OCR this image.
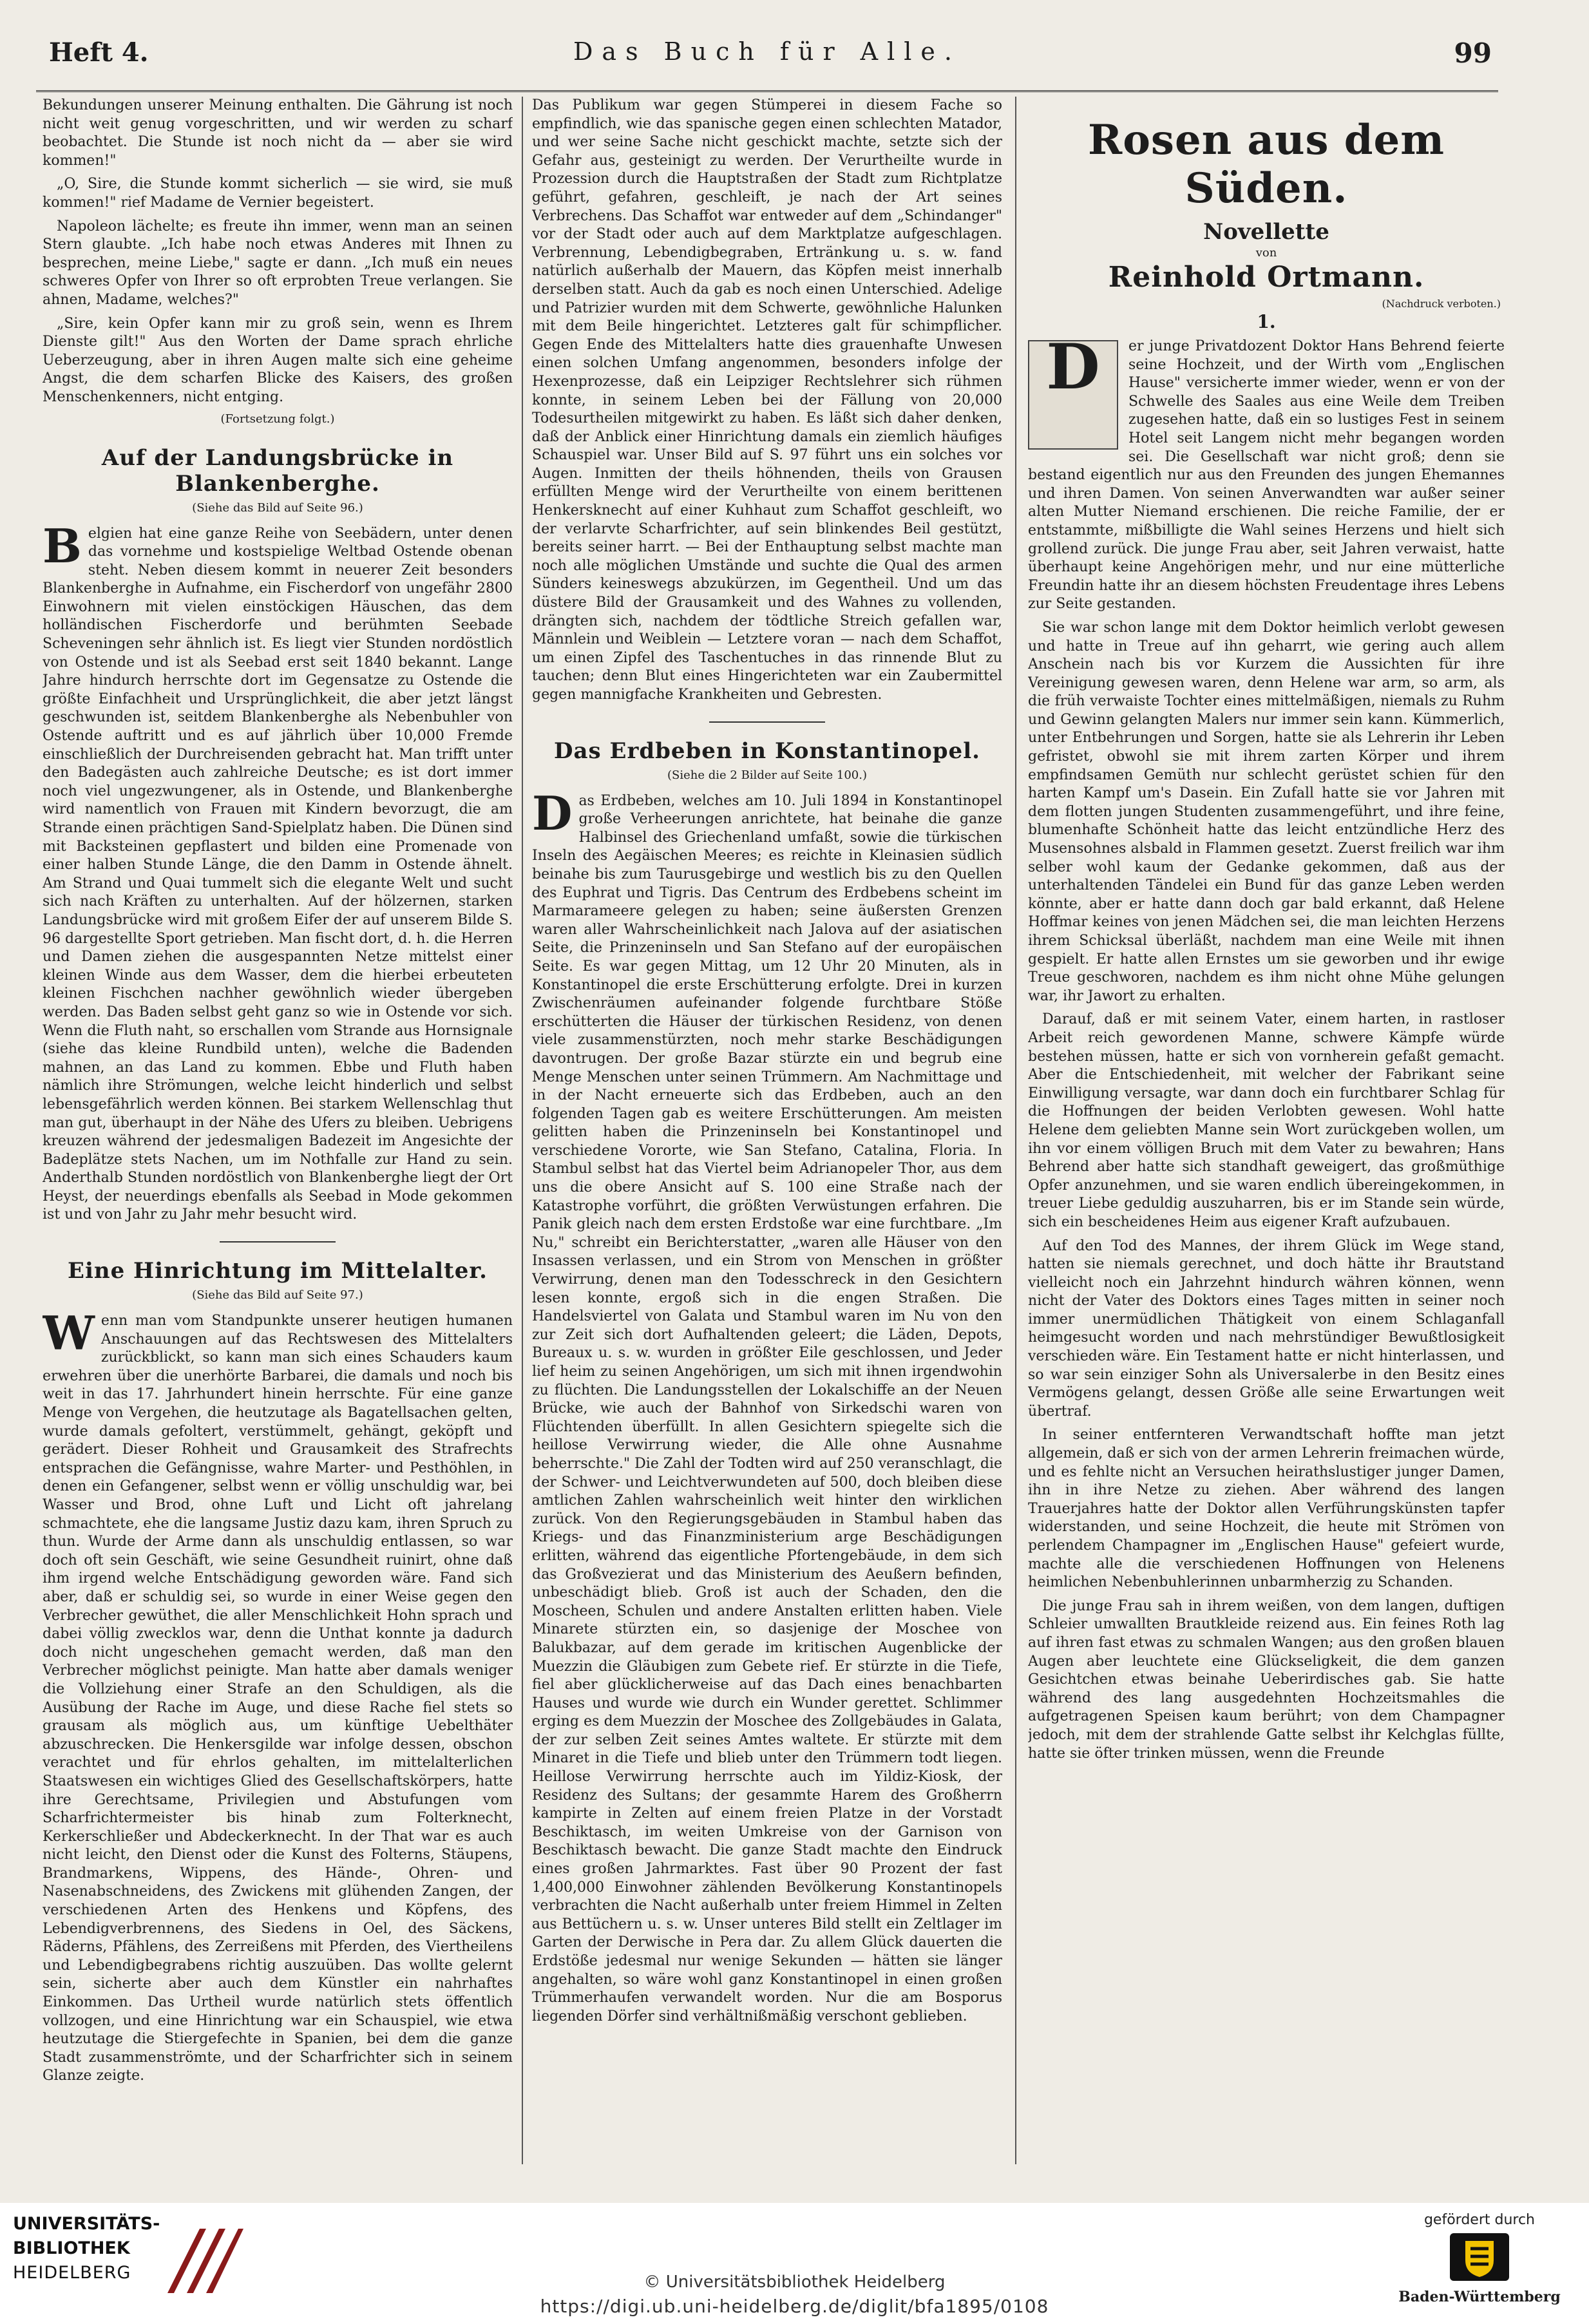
Heft 4.	Das Buch für Alle.	99

Bekundungen unserer Meinung enthalten. Die Gährung ist noch nicht weit genug vorgeschritten, und wir werden zu scharf beobachtet. Die Stunde ist noch nicht da — aber sie wird kommen!"

„O, Sire, die Stunde kommt sicherlich — sie wird, sie muß kommen!" rief Madame de Vernier begeistert.

Napoleon lächelte; es freute ihn immer, wenn man an seinen Stern glaubte. „Ich habe noch etwas Anderes mit Ihnen zu besprechen, meine Liebe," sagte er dann. „Ich muß ein neues schweres Opfer von Ihrer so oft erprobten Treue verlangen. Sie ahnen, Madame, welches?"

„Sire, kein Opfer kann mir zu groß sein, wenn es Ihrem Dienste gilt!" Aus den Worten der Dame sprach ehrliche Ueberzeugung, aber in ihren Augen malte sich eine geheime Angst, die dem scharfen Blicke des Kaisers, des großen Menschenkenners, nicht entging.

(Fortsetzung folgt.)
Auf der Landungsbrücke in Blankenberghe.
(Siehe das Bild auf Seite 96.)

Belgien hat eine ganze Reihe von Seebädern, unter denen das vornehme und kostspielige Weltbad Ostende obenan steht. Neben diesem kommt in neuerer Zeit besonders Blankenberghe in Aufnahme, ein Fischerdorf von ungefähr 2800 Einwohnern mit vielen einstöckigen Häuschen, das dem holländischen Fischerdorfe und berühmten Seebade Scheveningen sehr ähnlich ist. Es liegt vier Stunden nordöstlich von Ostende und ist als Seebad erst seit 1840 bekannt. Lange Jahre hindurch herrschte dort im Gegensatze zu Ostende die größte Einfachheit und Ursprünglichkeit, die aber jetzt längst geschwunden ist, seitdem Blankenberghe als Nebenbuhler von Ostende auftritt und es auf jährlich über 10,000 Fremde einschließlich der Durchreisenden gebracht hat. Man trifft unter den Badegästen auch zahlreiche Deutsche; es ist dort immer noch viel ungezwungener, als in Ostende, und Blankenberghe wird namentlich von Frauen mit Kindern bevorzugt, die am Strande einen prächtigen Sand-Spielplatz haben. Die Dünen sind mit Backsteinen gepflastert und bilden eine Promenade von einer halben Stunde Länge, die den Damm in Ostende ähnelt. Am Strand und Quai tummelt sich die elegante Welt und sucht sich nach Kräften zu unterhalten. Auf der hölzernen, starken Landungsbrücke wird mit großem Eifer der auf unserem Bilde S. 96 dargestellte Sport getrieben. Man fischt dort, d. h. die Herren und Damen ziehen die ausgespannten Netze mittelst einer kleinen Winde aus dem Wasser, dem die hierbei erbeuteten kleinen Fischchen nachher gewöhnlich wieder übergeben werden. Das Baden selbst geht ganz so wie in Ostende vor sich. Wenn die Fluth naht, so erschallen vom Strande aus Hornsignale (siehe das kleine Rundbild unten), welche die Badenden mahnen, an das Land zu kommen. Ebbe und Fluth haben nämlich ihre Strömungen, welche leicht hinderlich und selbst lebensgefährlich werden können. Bei starkem Wellenschlag thut man gut, überhaupt in der Nähe des Ufers zu bleiben. Uebrigens kreuzen während der jedesmaligen Badezeit im Angesichte der Badeplätze stets Nachen, um im Nothfalle zur Hand zu sein. Anderthalb Stunden nordöstlich von Blankenberghe liegt der Ort Heyst, der neuerdings ebenfalls als Seebad in Mode gekommen ist und von Jahr zu Jahr mehr besucht wird.

Eine Hinrichtung im Mittelalter.
(Siehe das Bild auf Seite 97.)

Wenn man vom Standpunkte unserer heutigen humanen Anschauungen auf das Rechtswesen des Mittelalters zurückblickt, so kann man sich eines Schauders kaum erwehren über die unerhörte Barbarei, die damals und noch bis weit in das 17. Jahrhundert hinein herrschte. Für eine ganze Menge von Vergehen, die heutzutage als Bagatellsachen gelten, wurde damals gefoltert, verstümmelt, gehängt, geköpft und gerädert. Dieser Rohheit und Grausamkeit des Strafrechts entsprachen die Gefängnisse, wahre Marter- und Pesthöhlen, in denen ein Gefangener, selbst wenn er völlig unschuldig war, bei Wasser und Brod, ohne Luft und Licht oft jahrelang schmachtete, ehe die langsame Justiz dazu kam, ihren Spruch zu thun. Wurde der Arme dann als unschuldig entlassen, so war doch oft sein Geschäft, wie seine Gesundheit ruinirt, ohne daß ihm irgend welche Entschädigung geworden wäre. Fand sich aber, daß er schuldig sei, so wurde in einer Weise gegen den Verbrecher gewüthet, die aller Menschlichkeit Hohn sprach und dabei völlig zwecklos war, denn die Unthat konnte ja dadurch doch nicht ungeschehen gemacht werden, daß man den Verbrecher möglichst peinigte. Man hatte aber damals weniger die Vollziehung einer Strafe an den Schuldigen, als die Ausübung der Rache im Auge, und diese Rache fiel stets so grausam als möglich aus, um künftige Uebelthäter abzuschrecken. Die Henkersgilde war infolge dessen, obschon verachtet und für ehrlos gehalten, im mittelalterlichen Staatswesen ein wichtiges Glied des Gesellschaftskörpers, hatte ihre Gerechtsame, Privilegien und Abstufungen vom Scharfrichtermeister bis hinab zum Folterknecht, Kerkerschließer und Abdeckerknecht. In der That war es auch nicht leicht, den Dienst oder die Kunst des Folterns, Stäupens, Brandmarkens, Wippens, des Hände-, Ohren- und Nasenabschneidens, des Zwickens mit glühenden Zangen, der verschiedenen Arten des Henkens und Köpfens, des Lebendigverbrennens, des Siedens in Oel, des Säckens, Räderns, Pfählens, des Zerreißens mit Pferden, des Viertheilens und Lebendigbegrabens richtig auszuüben. Das wollte gelernt sein, sicherte aber auch dem Künstler ein nahrhaftes Einkommen. Das Urtheil wurde natürlich stets öffentlich vollzogen, und eine Hinrichtung war ein Schauspiel, wie etwa heutzutage die Stiergefechte in Spanien, bei dem die ganze Stadt zusammenströmte, und der Scharfrichter sich in seinem Glanze zeigte.

Das Publikum war gegen Stümperei in diesem Fache so empfindlich, wie das spanische gegen einen schlechten Matador, und wer seine Sache nicht geschickt machte, setzte sich der Gefahr aus, gesteinigt zu werden. Der Verurtheilte wurde in Prozession durch die Hauptstraßen der Stadt zum Richtplatze geführt, gefahren, geschleift, je nach der Art seines Verbrechens. Das Schaffot war entweder auf dem „Schindanger" vor der Stadt oder auch auf dem Marktplatze aufgeschlagen. Verbrennung, Lebendigbegraben, Ertränkung u. s. w. fand natürlich außerhalb der Mauern, das Köpfen meist innerhalb derselben statt. Auch da gab es noch einen Unterschied. Adelige und Patrizier wurden mit dem Schwerte, gewöhnliche Halunken mit dem Beile hingerichtet. Letzteres galt für schimpflicher. Gegen Ende des Mittelalters hatte dies grauenhafte Unwesen einen solchen Umfang angenommen, besonders infolge der Hexenprozesse, daß ein Leipziger Rechtslehrer sich rühmen konnte, in seinem Leben bei der Fällung von 20,000 Todesurtheilen mitgewirkt zu haben. Es läßt sich daher denken, daß der Anblick einer Hinrichtung damals ein ziemlich häufiges Schauspiel war. Unser Bild auf S. 97 führt uns ein solches vor Augen. Inmitten der theils höhnenden, theils von Grausen erfüllten Menge wird der Verurtheilte von einem berittenen Henkersknecht auf einer Kuhhaut zum Schaffot geschleift, wo der verlarvte Scharfrichter, auf sein blinkendes Beil gestützt, bereits seiner harrt. — Bei der Enthauptung selbst machte man noch alle möglichen Umstände und suchte die Qual des armen Sünders keineswegs abzukürzen, im Gegentheil. Und um das düstere Bild der Grausamkeit und des Wahnes zu vollenden, drängten sich, nachdem der tödtliche Streich gefallen war, Männlein und Weiblein — Letztere voran — nach dem Schaffot, um einen Zipfel des Taschentuches in das rinnende Blut zu tauchen; denn Blut eines Hingerichteten war ein Zaubermittel gegen mannigfache Krankheiten und Gebresten.

Das Erdbeben in Konstantinopel.
(Siehe die 2 Bilder auf Seite 100.)

Das Erdbeben, welches am 10. Juli 1894 in Konstantinopel große Verheerungen anrichtete, hat beinahe die ganze Halbinsel des Griechenland umfaßt, sowie die türkischen Inseln des Aegäischen Meeres; es reichte in Kleinasien südlich beinahe bis zum Taurusgebirge und westlich bis zu den Quellen des Euphrat und Tigris. Das Centrum des Erdbebens scheint im Marmarameere gelegen zu haben; seine äußersten Grenzen waren aller Wahrscheinlichkeit nach Jalova auf der asiatischen Seite, die Prinzeninseln und San Stefano auf der europäischen Seite. Es war gegen Mittag, um 12 Uhr 20 Minuten, als in Konstantinopel die erste Erschütterung erfolgte. Drei in kurzen Zwischenräumen aufeinander folgende furchtbare Stöße erschütterten die Häuser der türkischen Residenz, von denen viele zusammenstürzten, noch mehr starke Beschädigungen davontrugen. Der große Bazar stürzte ein und begrub eine Menge Menschen unter seinen Trümmern. Am Nachmittage und in der Nacht erneuerte sich das Erdbeben, auch an den folgenden Tagen gab es weitere Erschütterungen. Am meisten gelitten haben die Prinzeninseln bei Konstantinopel und verschiedene Vororte, wie San Stefano, Catalina, Floria. In Stambul selbst hat das Viertel beim Adrianopeler Thor, aus dem uns die obere Ansicht auf S. 100 eine Straße nach der Katastrophe vorführt, die größten Verwüstungen erfahren. Die Panik gleich nach dem ersten Erdstoße war eine furchtbare. „Im Nu," schreibt ein Berichterstatter, „waren alle Häuser von den Insassen verlassen, und ein Strom von Menschen in größter Verwirrung, denen man den Todesschreck in den Gesichtern lesen konnte, ergoß sich in die engen Straßen. Die Handelsviertel von Galata und Stambul waren im Nu von den zur Zeit sich dort Aufhaltenden geleert; die Läden, Depots, Bureaux u. s. w. wurden in größter Eile geschlossen, und Jeder lief heim zu seinen Angehörigen, um sich mit ihnen irgendwohin zu flüchten. Die Landungsstellen der Lokalschiffe an der Neuen Brücke, wie auch der Bahnhof von Sirkedschi waren von Flüchtenden überfüllt. In allen Gesichtern spiegelte sich die heillose Verwirrung wieder, die Alle ohne Ausnahme beherrschte." Die Zahl der Todten wird auf 250 veranschlagt, die der Schwer- und Leichtverwundeten auf 500, doch bleiben diese amtlichen Zahlen wahrscheinlich weit hinter den wirklichen zurück. Von den Regierungsgebäuden in Stambul haben das Kriegs- und das Finanzministerium arge Beschädigungen erlitten, während das eigentliche Pfortengebäude, in dem sich das Großvezierat und das Ministerium des Aeußern befinden, unbeschädigt blieb. Groß ist auch der Schaden, den die Moscheen, Schulen und andere Anstalten erlitten haben. Viele Minarete stürzten ein, so dasjenige der Moschee von Balukbazar, auf dem gerade im kritischen Augenblicke der Muezzin die Gläubigen zum Gebete rief. Er stürzte in die Tiefe, fiel aber glücklicherweise auf das Dach eines benachbarten Hauses und wurde wie durch ein Wunder gerettet. Schlimmer erging es dem Muezzin der Moschee des Zollgebäudes in Galata, der zur selben Zeit seines Amtes waltete. Er stürzte mit dem Minaret in die Tiefe und blieb unter den Trümmern todt liegen. Heillose Verwirrung herrschte auch im Yildiz-Kiosk, der Residenz des Sultans; der gesammte Harem des Großherrn kampirte in Zelten auf einem freien Platze in der Vorstadt Beschiktasch, im weiten Umkreise von der Garnison von Beschiktasch bewacht. Die ganze Stadt machte den Eindruck eines großen Jahrmarktes. Fast über 90 Prozent der fast 1,400,000 Einwohner zählenden Bevölkerung Konstantinopels verbrachten die Nacht außerhalb unter freiem Himmel in Zelten aus Bettüchern u. s. w. Unser unteres Bild stellt ein Zeltlager im Garten der Derwische in Pera dar. Zu allem Glück dauerten die Erdstöße jedesmal nur wenige Sekunden — hätten sie länger angehalten, so wäre wohl ganz Konstantinopel in einen großen Trümmerhaufen verwandelt worden. Nur die am Bosporus liegenden Dörfer sind verhältnißmäßig verschont geblieben.

Rosen aus dem Süden.
Novellette
von
Reinhold Ortmann.
(Nachdruck verboten.)
1.

D	er junge Privatdozent Doktor Hans Behrend feierte seine Hochzeit, und der Wirth vom „Englischen Hause" versicherte immer wieder, wenn er von der Schwelle des Saales aus eine Weile dem Treiben zugesehen hatte, daß ein so lustiges Fest in seinem Hotel seit Langem nicht mehr begangen worden sei. Die Gesellschaft war nicht groß; denn sie bestand eigentlich nur aus den Freunden des jungen Ehemannes und ihren Damen. Von seinen Anverwandten war außer seiner alten Mutter Niemand erschienen. Die reiche Familie, der er entstammte, mißbilligte die Wahl seines Herzens und hielt sich grollend zurück. Die junge Frau aber, seit Jahren verwaist, hatte überhaupt keine Angehörigen mehr, und nur eine mütterliche Freundin hatte ihr an diesem höchsten Freudentage ihres Lebens zur Seite gestanden.

Sie war schon lange mit dem Doktor heimlich verlobt gewesen und hatte in Treue auf ihn geharrt, wie gering auch allem Anschein nach bis vor Kurzem die Aussichten für ihre Vereinigung gewesen waren, denn Helene war arm, so arm, als die früh verwaiste Tochter eines mittelmäßigen, niemals zu Ruhm und Gewinn gelangten Malers nur immer sein kann. Kümmerlich, unter Entbehrungen und Sorgen, hatte sie als Lehrerin ihr Leben gefristet, obwohl sie mit ihrem zarten Körper und ihrem empfindsamen Gemüth nur schlecht gerüstet schien für den harten Kampf um's Dasein. Ein Zufall hatte sie vor Jahren mit dem flotten jungen Studenten zusammengeführt, und ihre feine, blumenhafte Schönheit hatte das leicht entzündliche Herz des Musensohnes alsbald in Flammen gesetzt. Zuerst freilich war ihm selber wohl kaum der Gedanke gekommen, daß aus der unterhaltenden Tändelei ein Bund für das ganze Leben werden könnte, aber er hatte dann doch gar bald erkannt, daß Helene Hoffmar keines von jenen Mädchen sei, die man leichten Herzens ihrem Schicksal überläßt, nachdem man eine Weile mit ihnen gespielt. Er hatte allen Ernstes um sie geworben und ihr ewige Treue geschworen, nachdem es ihm nicht ohne Mühe gelungen war, ihr Jawort zu erhalten.

Darauf, daß er mit seinem Vater, einem harten, in rastloser Arbeit reich gewordenen Manne, schwere Kämpfe würde bestehen müssen, hatte er sich von vornherein gefaßt gemacht. Aber die Entschiedenheit, mit welcher der Fabrikant seine Einwilligung versagte, war dann doch ein furchtbarer Schlag für die Hoffnungen der beiden Verlobten gewesen. Wohl hatte Helene dem geliebten Manne sein Wort zurückgeben wollen, um ihn vor einem völligen Bruch mit dem Vater zu bewahren; Hans Behrend aber hatte sich standhaft geweigert, das großmüthige Opfer anzunehmen, und sie waren endlich übereingekommen, in treuer Liebe geduldig auszuharren, bis er im Stande sein würde, sich ein bescheidenes Heim aus eigener Kraft aufzubauen.

Auf den Tod des Mannes, der ihrem Glück im Wege stand, hatten sie niemals gerechnet, und doch hätte ihr Brautstand vielleicht noch ein Jahrzehnt hindurch währen können, wenn nicht der Vater des Doktors eines Tages mitten in seiner noch immer unermüdlichen Thätigkeit von einem Schlaganfall heimgesucht worden und nach mehrstündiger Bewußtlosigkeit verschieden wäre. Ein Testament hatte er nicht hinterlassen, und so war sein einziger Sohn als Universalerbe in den Besitz eines Vermögens gelangt, dessen Größe alle seine Erwartungen weit übertraf.

In seiner entfernteren Verwandtschaft hoffte man jetzt allgemein, daß er sich von der armen Lehrerin freimachen würde, und es fehlte nicht an Versuchen heirathslustiger junger Damen, ihn in ihre Netze zu ziehen. Aber während des langen Trauerjahres hatte der Doktor allen Verführungskünsten tapfer widerstanden, und seine Hochzeit, die heute mit Strömen von perlendem Champagner im „Englischen Hause" gefeiert wurde, machte alle die verschiedenen Hoffnungen von Helenens heimlichen Nebenbuhlerinnen unbarmherzig zu Schanden.

Die junge Frau sah in ihrem weißen, von dem langen, duftigen Schleier umwallten Brautkleide reizend aus. Ein feines Roth lag auf ihren fast etwas zu schmalen Wangen; aus den großen blauen Augen aber leuchtete eine Glückseligkeit, die dem ganzen Gesichtchen etwas beinahe Ueberirdisches gab. Sie hatte während des lang ausgedehnten Hochzeitsmahles die aufgetragenen Speisen kaum berührt; von dem Champagner jedoch, mit dem der strahlende Gatte selbst ihr Kelchglas füllte, hatte sie öfter trinken müssen, wenn die Freunde

UNIVERSITÄTS-
BIBLIOTHEK
HEIDELBERG	© Universitätsbibliothek Heidelberg
https://digi.ub.uni-heidelberg.de/diglit/bfa1895/0108
gefördert durch
Baden-Württemberg
